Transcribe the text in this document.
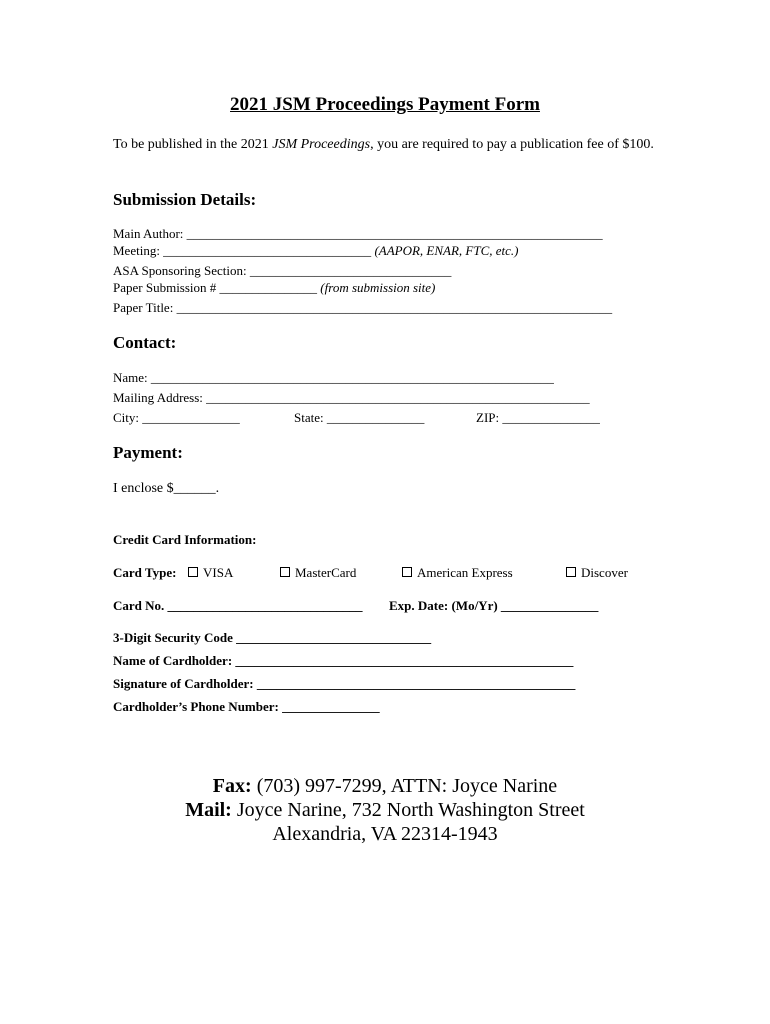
2021 JSM Proceedings Payment Form
To be published in the 2021 JSM Proceedings, you are required to pay a publication fee of $100.
Submission Details:
Main Author: ________________________________________________________________
Meeting: ________________________________ (AAPOR, ENAR, FTC, etc.)
ASA Sponsoring Section: _______________________________
Paper Submission # _______________ (from submission site)
Paper Title: ___________________________________________________________________
Contact:
Name: ______________________________________________________________
Mailing Address: ___________________________________________________________
City: _______________	State: _______________	ZIP: _______________
Payment:
I enclose $______.
Credit Card Information:
Card Type:	VISA	MasterCard	American Express	Discover
Card No. ______________________________ Exp. Date: (Mo/Yr) _______________
3-Digit Security Code ______________________________
Name of Cardholder: ____________________________________________________
Signature of Cardholder: _________________________________________________
Cardholder’s Phone Number: _______________
Fax: (703) 997-7299, ATTN: Joyce Narine
Mail: Joyce Narine, 732 North Washington Street
Alexandria, VA 22314-1943
